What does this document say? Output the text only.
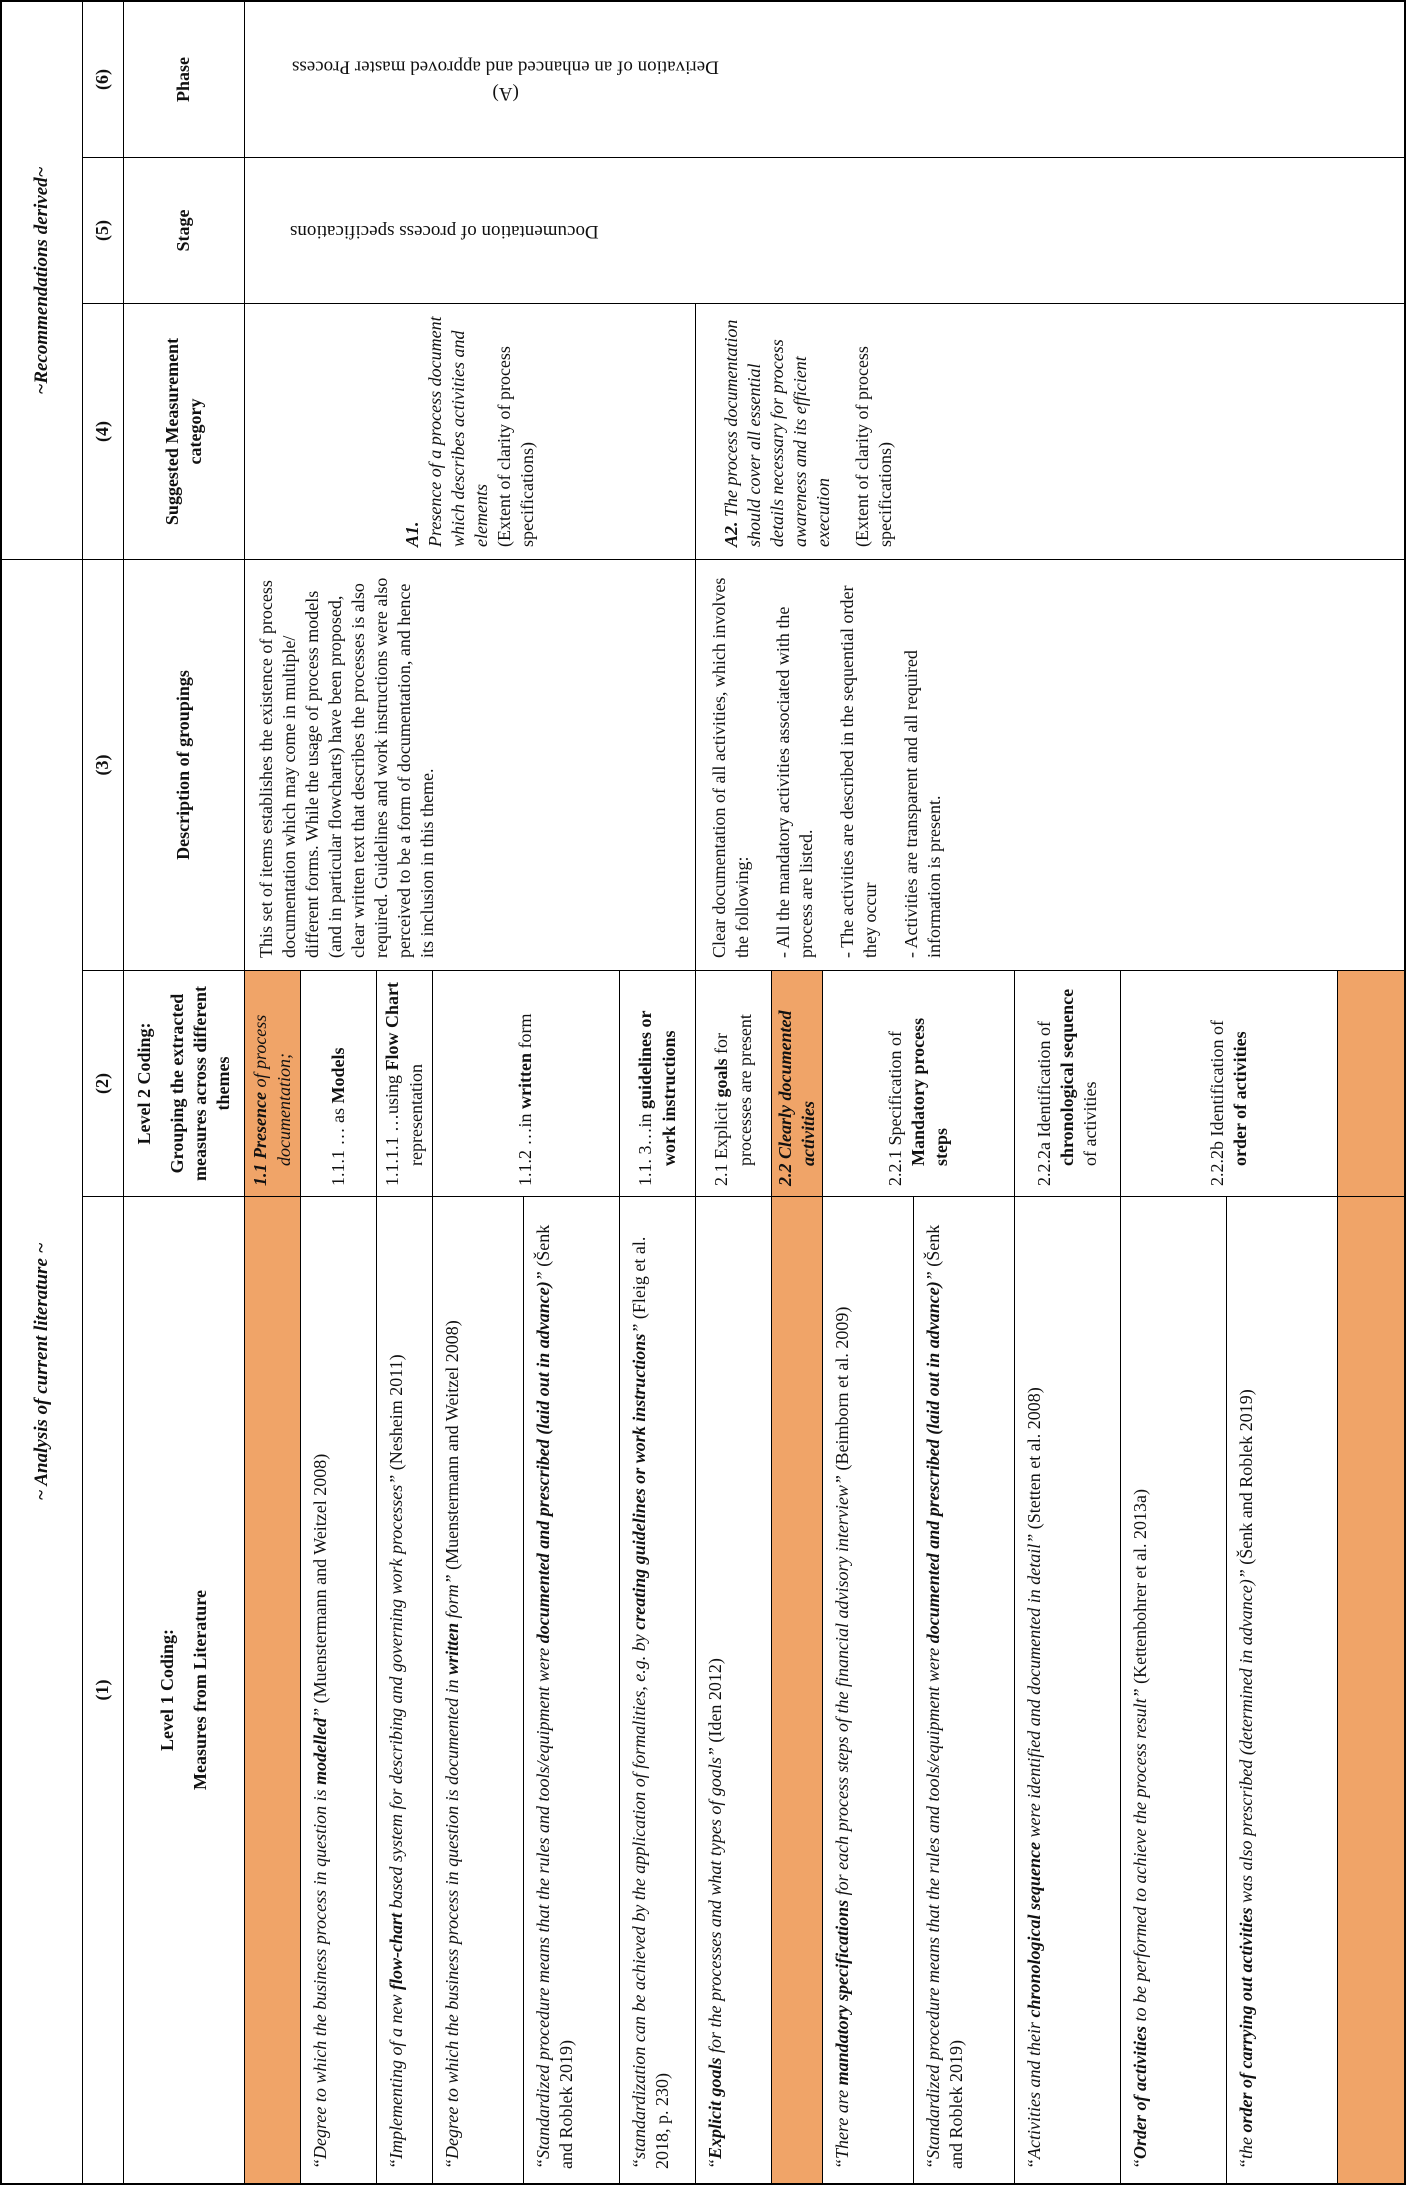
~ Analysis of current literature ~
~Recommendations derived~
(1)
(2)
(3)
(4)
(5)
(6)
Level 1 Coding: Measures from Literature
Level 2 Coding: Grouping the extracted measures across different themes
Description of groupings
Suggested Measurement category
Stage
Phase
1.1 Presence of process documentation;
“Degree to which the business process in question is modelled” (Muenstermann and Weitzel 2008)
1.1.1 … as Models
“Implementing of a new flow-chart based system for describing and governing work processes” (Nesheim 2011)
1.1.1.1 …using Flow Chart representation
“Degree to which the business process in question is documented in written form” (Muenstermann and Weitzel 2008)
1.1.2 …in written form
“Standardized procedure means that the rules and tools/equipment were documented and prescribed (laid out in advance)” (Šenk and Roblek 2019)	“standardization can be achieved by the application of formalities, e.g. by creating guidelines or work instructions” (Fleig et al. 2018, p. 230)
1.1. 3…in guidelines or work instructions
This set of items establishes the existence of process documentation which may come in multiple/ different forms. While the usage of process models (and in particular flowcharts) have been proposed, clear written text that describes the processes is also required. Guidelines and work instructions were also perceived to be a form of documentation, and hence its inclusion in this theme.
A1. Presence of a process document which describes activities and elements (Extent of clarity of process specifications)
Documentation of process specifications
(A)
Derivation of an enhanced and approved master Process
“Explicit goals for the processes and what types of goals” (Iden 2012)
2.1 Explicit goals for processes are present 2.2 Clearly documented activities
“There are mandatory specifications for each process steps of the financial advisory interview” (Beimborn et al. 2009)
2.2.1 Specification of Mandatory process steps
“Standardized procedure means that the rules and tools/equipment were documented and prescribed (laid out in advance)” (Šenk and Roblek 2019)	“Activities and their chronological sequence were identified and documented in detail” (Stetten et al. 2008)
2.2.2a Identification of chronological sequence of activities
“Order of activities to be performed to achieve the process result” (Kettenbohrer et al. 2013a)
2.2.2b Identification of order of activities
“the order of carrying out activities was also prescribed (determined in advance)” (Šenk and Roblek 2019)
Clear documentation of all activities, which involves the following: - All the mandatory activities associated with the process are listed. - The activities are described in the sequential order they occur - Activities are transparent and all required information is present.
A2. The process documentation should cover all essential details necessary for process awareness and its efficient execution (Extent of clarity of process specifications)
